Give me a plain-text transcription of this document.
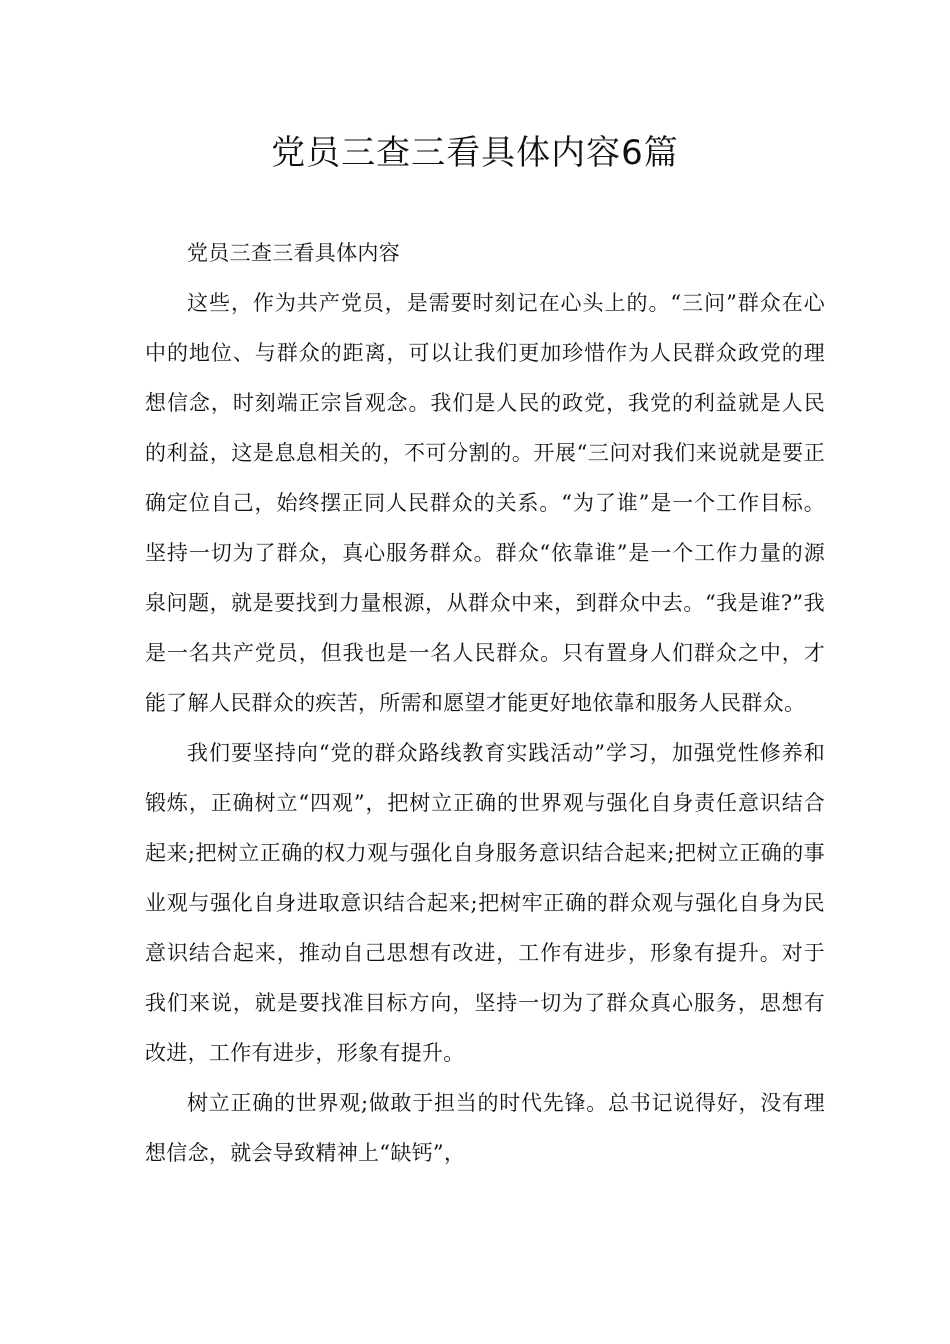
党员三查三看具体内容6篇

党员三查三看具体内容

这些，作为共产党员，是需要时刻记在心头上的。“三问”群众在心中的地位、与群众的距离，可以让我们更加珍惜作为人民群众政党的理想信念，时刻端正宗旨观念。我们是人民的政党，我党的利益就是人民的利益，这是息息相关的，不可分割的。开展“三问对我们来说就是要正确定位自己，始终摆正同人民群众的关系。“为了谁”是一个工作目标。坚持一切为了群众，真心服务群众。群众“依靠谁”是一个工作力量的源泉问题，就是要找到力量根源，从群众中来，到群众中去。“我是谁?”我是一名共产党员，但我也是一名人民群众。只有置身人们群众之中，才能了解人民群众的疾苦，所需和愿望才能更好地依靠和服务人民群众。

我们要坚持向“党的群众路线教育实践活动”学习，加强党性修养和锻炼，正确树立“四观”，把树立正确的世界观与强化自身责任意识结合起来;把树立正确的权力观与强化自身服务意识结合起来;把树立正确的事业观与强化自身进取意识结合起来;把树牢正确的群众观与强化自身为民意识结合起来，推动自己思想有改进，工作有进步，形象有提升。对于我们来说，就是要找准目标方向，坚持一切为了群众真心服务，思想有改进，工作有进步，形象有提升。

树立正确的世界观;做敢于担当的时代先锋。总书记说得好，没有理想信念，就会导致精神上“缺钙”，
